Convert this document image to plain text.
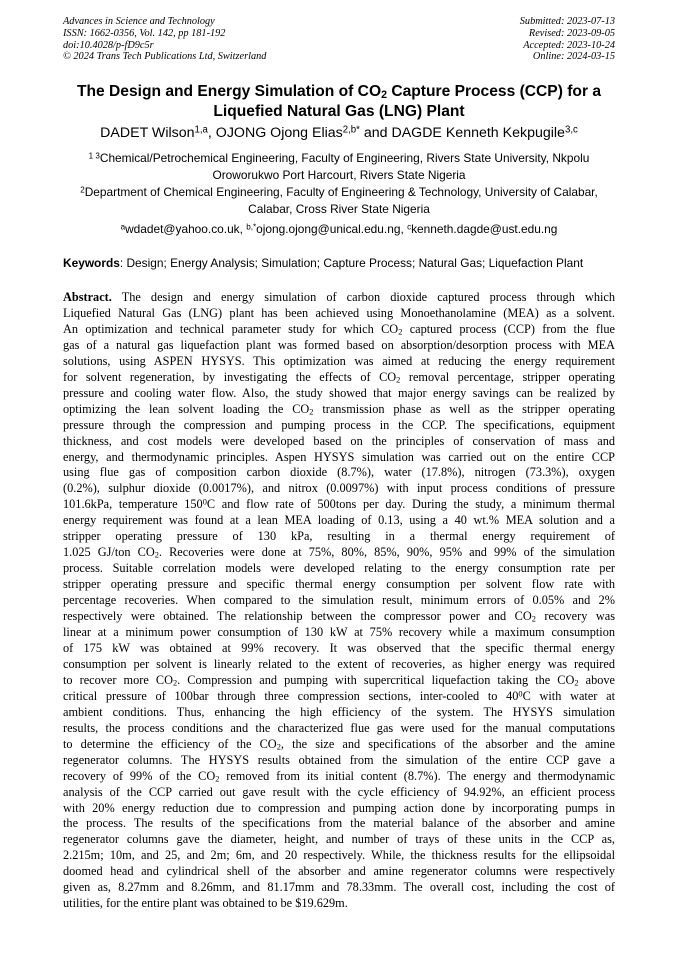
Advances in Science and Technology
ISSN: 1662-0356, Vol. 142, pp 181-192
doi:10.4028/p-fD9c5r
© 2024 Trans Tech Publications Ltd, Switzerland
Submitted: 2023-07-13
Revised: 2023-09-05
Accepted: 2023-10-24
Online: 2024-03-15
The Design and Energy Simulation of $CO_2$ Capture Process (CCP) for a
Liquefied Natural Gas (LNG) Plant
DADET Wilson$^{1,a}$, OJONG Ojong Elias$^{2,b*}$ and DAGDE Kenneth Kekpugile$^{3,c}$
$^{1 3}$Chemical/Petrochemical Engineering, Faculty of Engineering, Rivers State University, Nkpolu
Oroworukwo Port Harcourt, Rivers State Nigeria
$^2$Department of Chemical Engineering, Faculty of Engineering & Technology, University of Calabar,
Calabar, Cross River State Nigeria
$^a$wdadet@yahoo.co.uk, $^{b,*}$ojong.ojong@unical.edu.ng, $^c$kenneth.dagde@ust.edu.ng
Keywords: Design; Energy Analysis; Simulation; Capture Process; Natural Gas; Liquefaction Plant
Abstract. The design and energy simulation of carbon dioxide captured process through which
Liquefied Natural Gas (LNG) plant has been achieved using Monoethanolamine (MEA) as a solvent.
An optimization and technical parameter study for which $CO_2$ captured process (CCP) from the flue
gas of a natural gas liquefaction plant was formed based on absorption/desorption process with MEA
solutions, using ASPEN HYSYS. This optimization was aimed at reducing the energy requirement
for solvent regeneration, by investigating the effects of $CO_2$ removal percentage, stripper operating
pressure and cooling water flow. Also, the study showed that major energy savings can be realized by
optimizing the lean solvent loading the $CO_2$ transmission phase as well as the stripper operating
pressure through the compression and pumping process in the CCP. The specifications, equipment
thickness, and cost models were developed based on the principles of conservation of mass and
energy, and thermodynamic principles. Aspen HYSYS simulation was carried out on the entire CCP
using flue gas of composition carbon dioxide (8.7%), water (17.8%), nitrogen (73.3%), oxygen
(0.2%), sulphur dioxide (0.0017%), and nitrox (0.0097%) with input process conditions of pressure
101.6kPa, temperature $150^0C$ and flow rate of 500tons per day. During the study, a minimum thermal
energy requirement was found at a lean MEA loading of 0.13, using a 40 wt.% MEA solution and a
stripper operating pressure of 130 kPa, resulting in a thermal energy requirement of
1.025 GJ/ton $CO_2$. Recoveries were done at 75%, 80%, 85%, 90%, 95% and 99% of the simulation
process. Suitable correlation models were developed relating to the energy consumption rate per
stripper operating pressure and specific thermal energy consumption per solvent flow rate with
percentage recoveries. When compared to the simulation result, minimum errors of 0.05% and 2%
respectively were obtained. The relationship between the compressor power and $CO_2$ recovery was
linear at a minimum power consumption of 130 kW at 75% recovery while a maximum consumption
of 175 kW was obtained at 99% recovery. It was observed that the specific thermal energy
consumption per solvent is linearly related to the extent of recoveries, as higher energy was required
to recover more $CO_2$. Compression and pumping with supercritical liquefaction taking the $CO_2$ above
critical pressure of 100bar through three compression sections, inter-cooled to $40^0C$ with water at
ambient conditions. Thus, enhancing the high efficiency of the system. The HYSYS simulation
results, the process conditions and the characterized flue gas were used for the manual computations
to determine the efficiency of the $CO_2$, the size and specifications of the absorber and the amine
regenerator columns. The HYSYS results obtained from the simulation of the entire CCP gave a
recovery of 99% of the $CO_2$ removed from its initial content (8.7%). The energy and thermodynamic
analysis of the CCP carried out gave result with the cycle efficiency of 94.92%, an efficient process
with 20% energy reduction due to compression and pumping action done by incorporating pumps in
the process. The results of the specifications from the material balance of the absorber and amine
regenerator columns gave the diameter, height, and number of trays of these units in the CCP as,
2.215m; 10m, and 25, and 2m; 6m, and 20 respectively. While, the thickness results for the ellipsoidal
doomed head and cylindrical shell of the absorber and amine regenerator columns were respectively
given as, 8.27mm and 8.26mm, and 81.17mm and 78.33mm. The overall cost, including the cost of
utilities, for the entire plant was obtained to be $19.629m.
